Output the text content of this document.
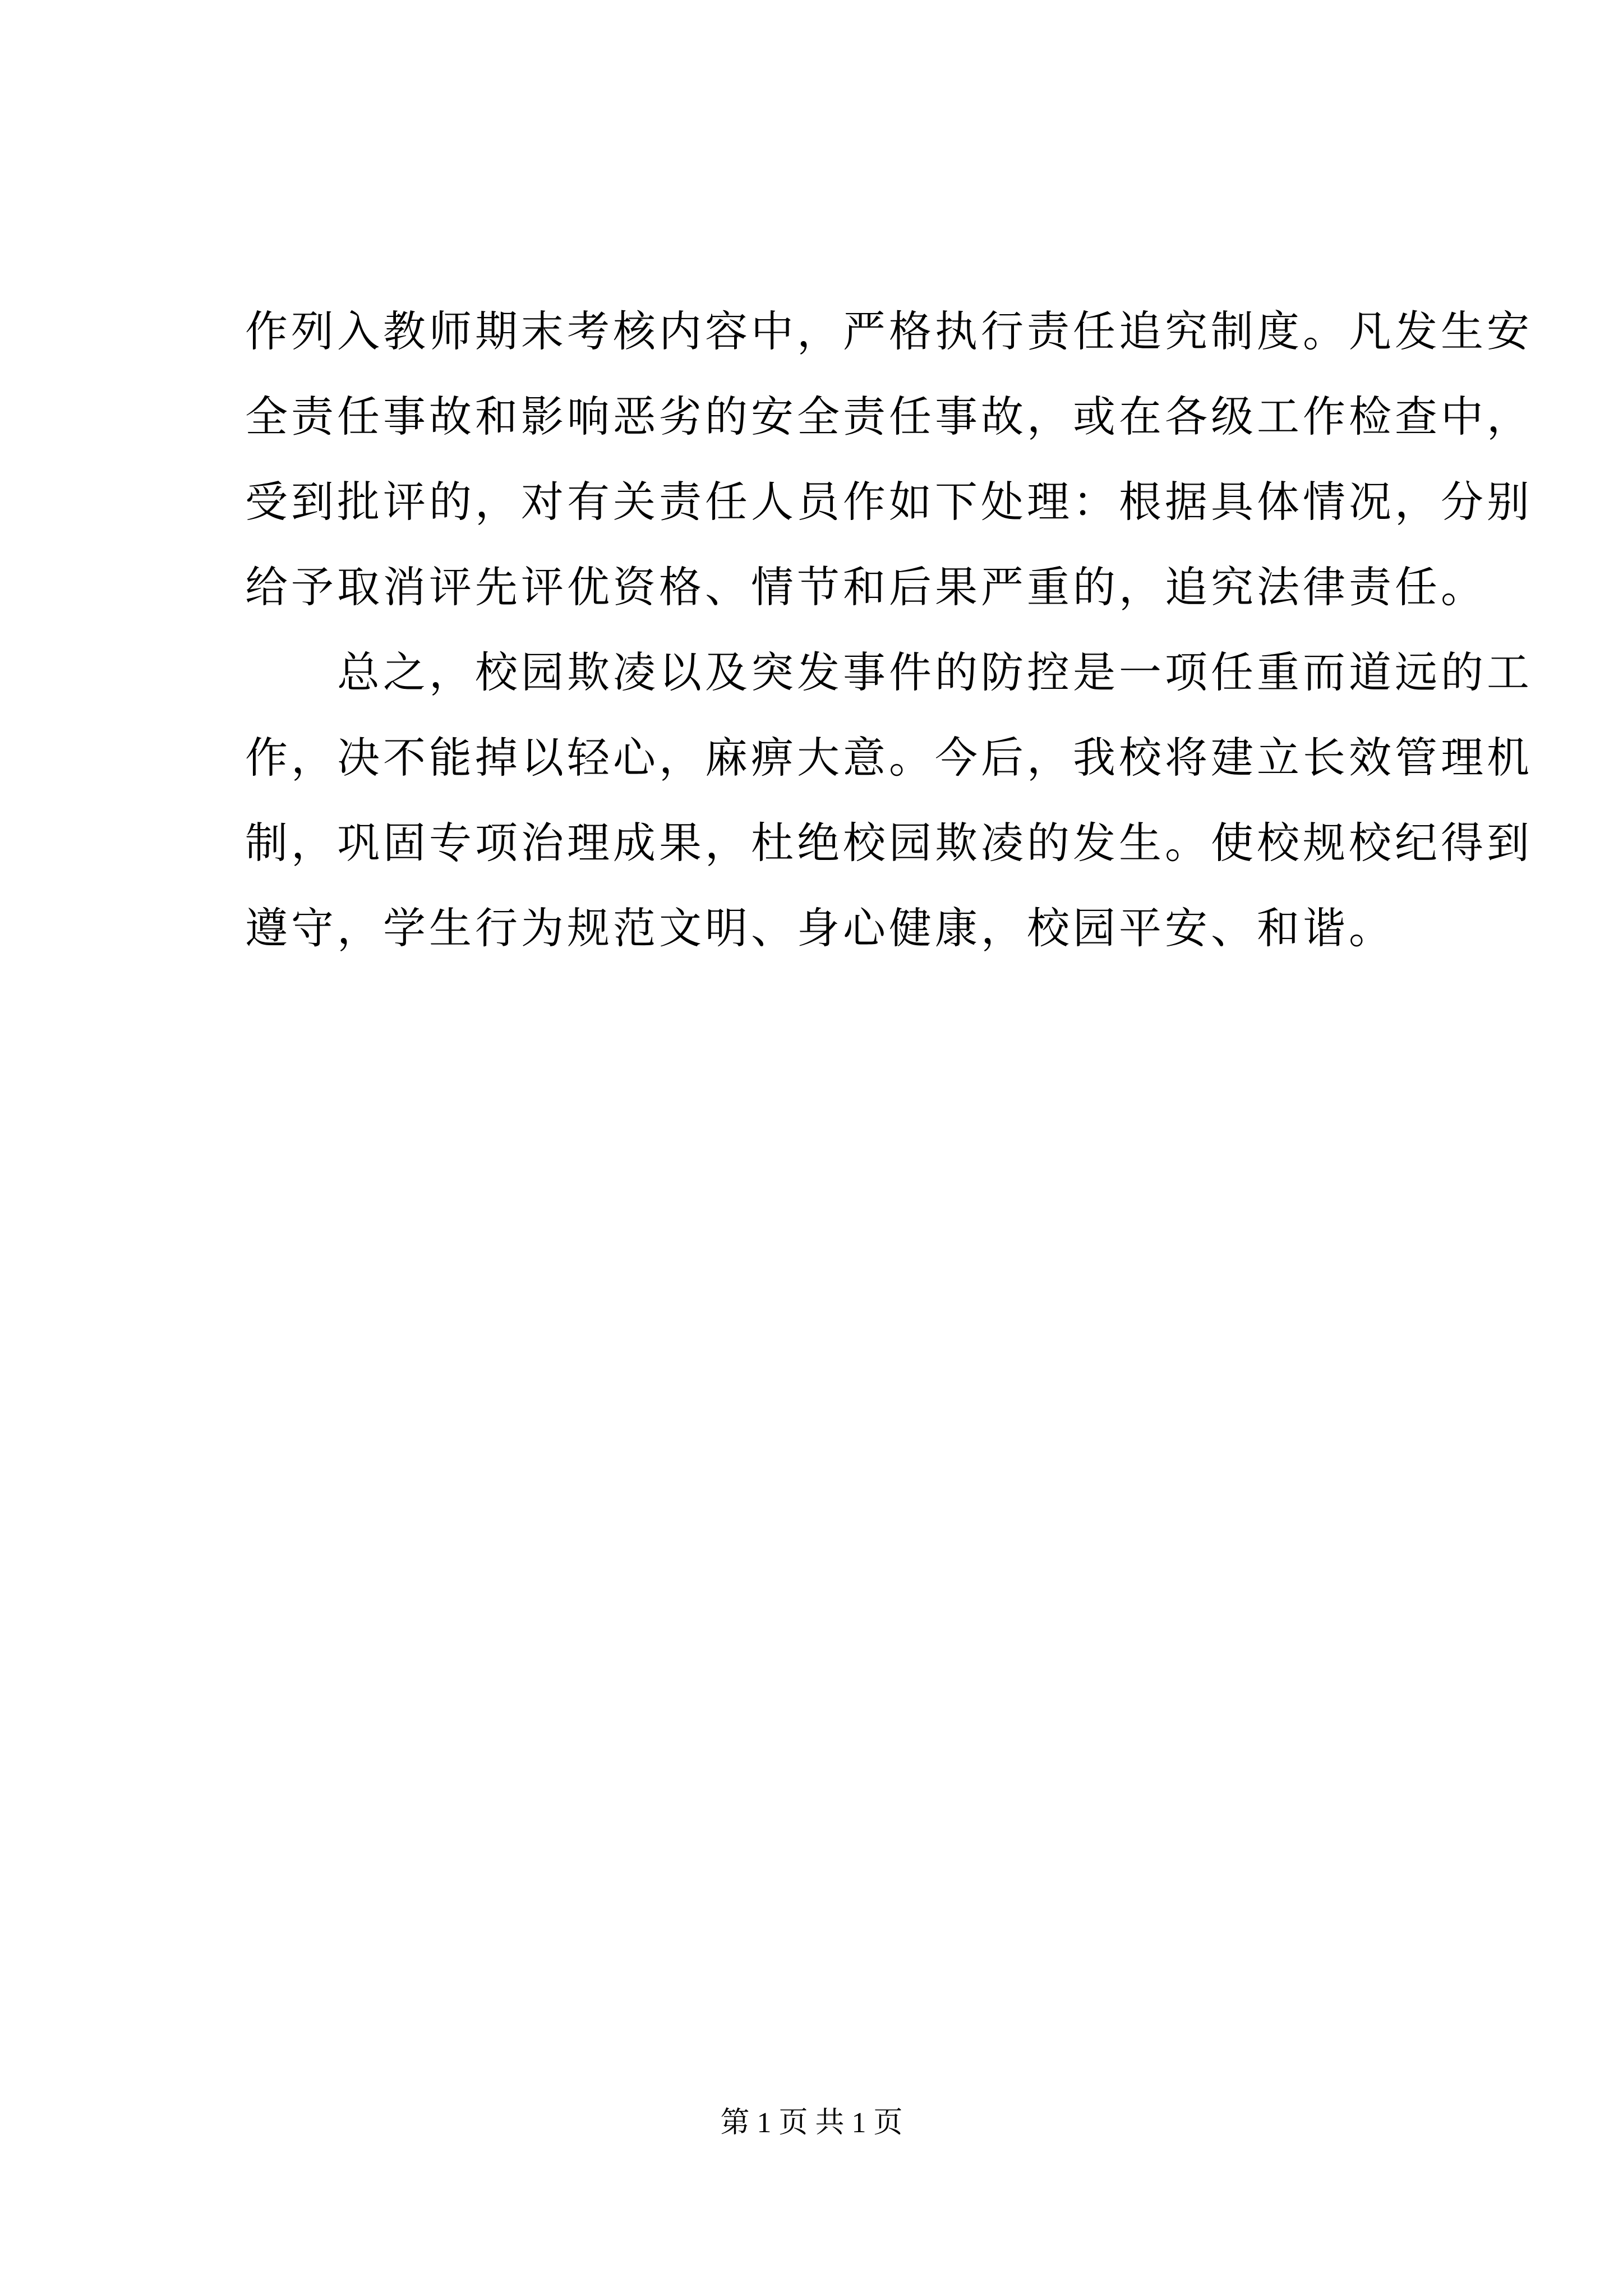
作列入教师期末考核内容中，严格执行责任追究制度。凡发生安
全责任事故和影响恶劣的安全责任事故，或在各级工作检查中，
受到批评的，对有关责任人员作如下处理：根据具体情况，分别
给予取消评先评优资格、情节和后果严重的，追究法律责任。
　　总之，校园欺凌以及突发事件的防控是一项任重而道远的工
作，决不能掉以轻心，麻痹大意。今后，我校将建立长效管理机
制，巩固专项治理成果，杜绝校园欺凌的发生。使校规校纪得到
遵守，学生行为规范文明、身心健康，校园平安、和谐。
第 1 页 共 1 页
